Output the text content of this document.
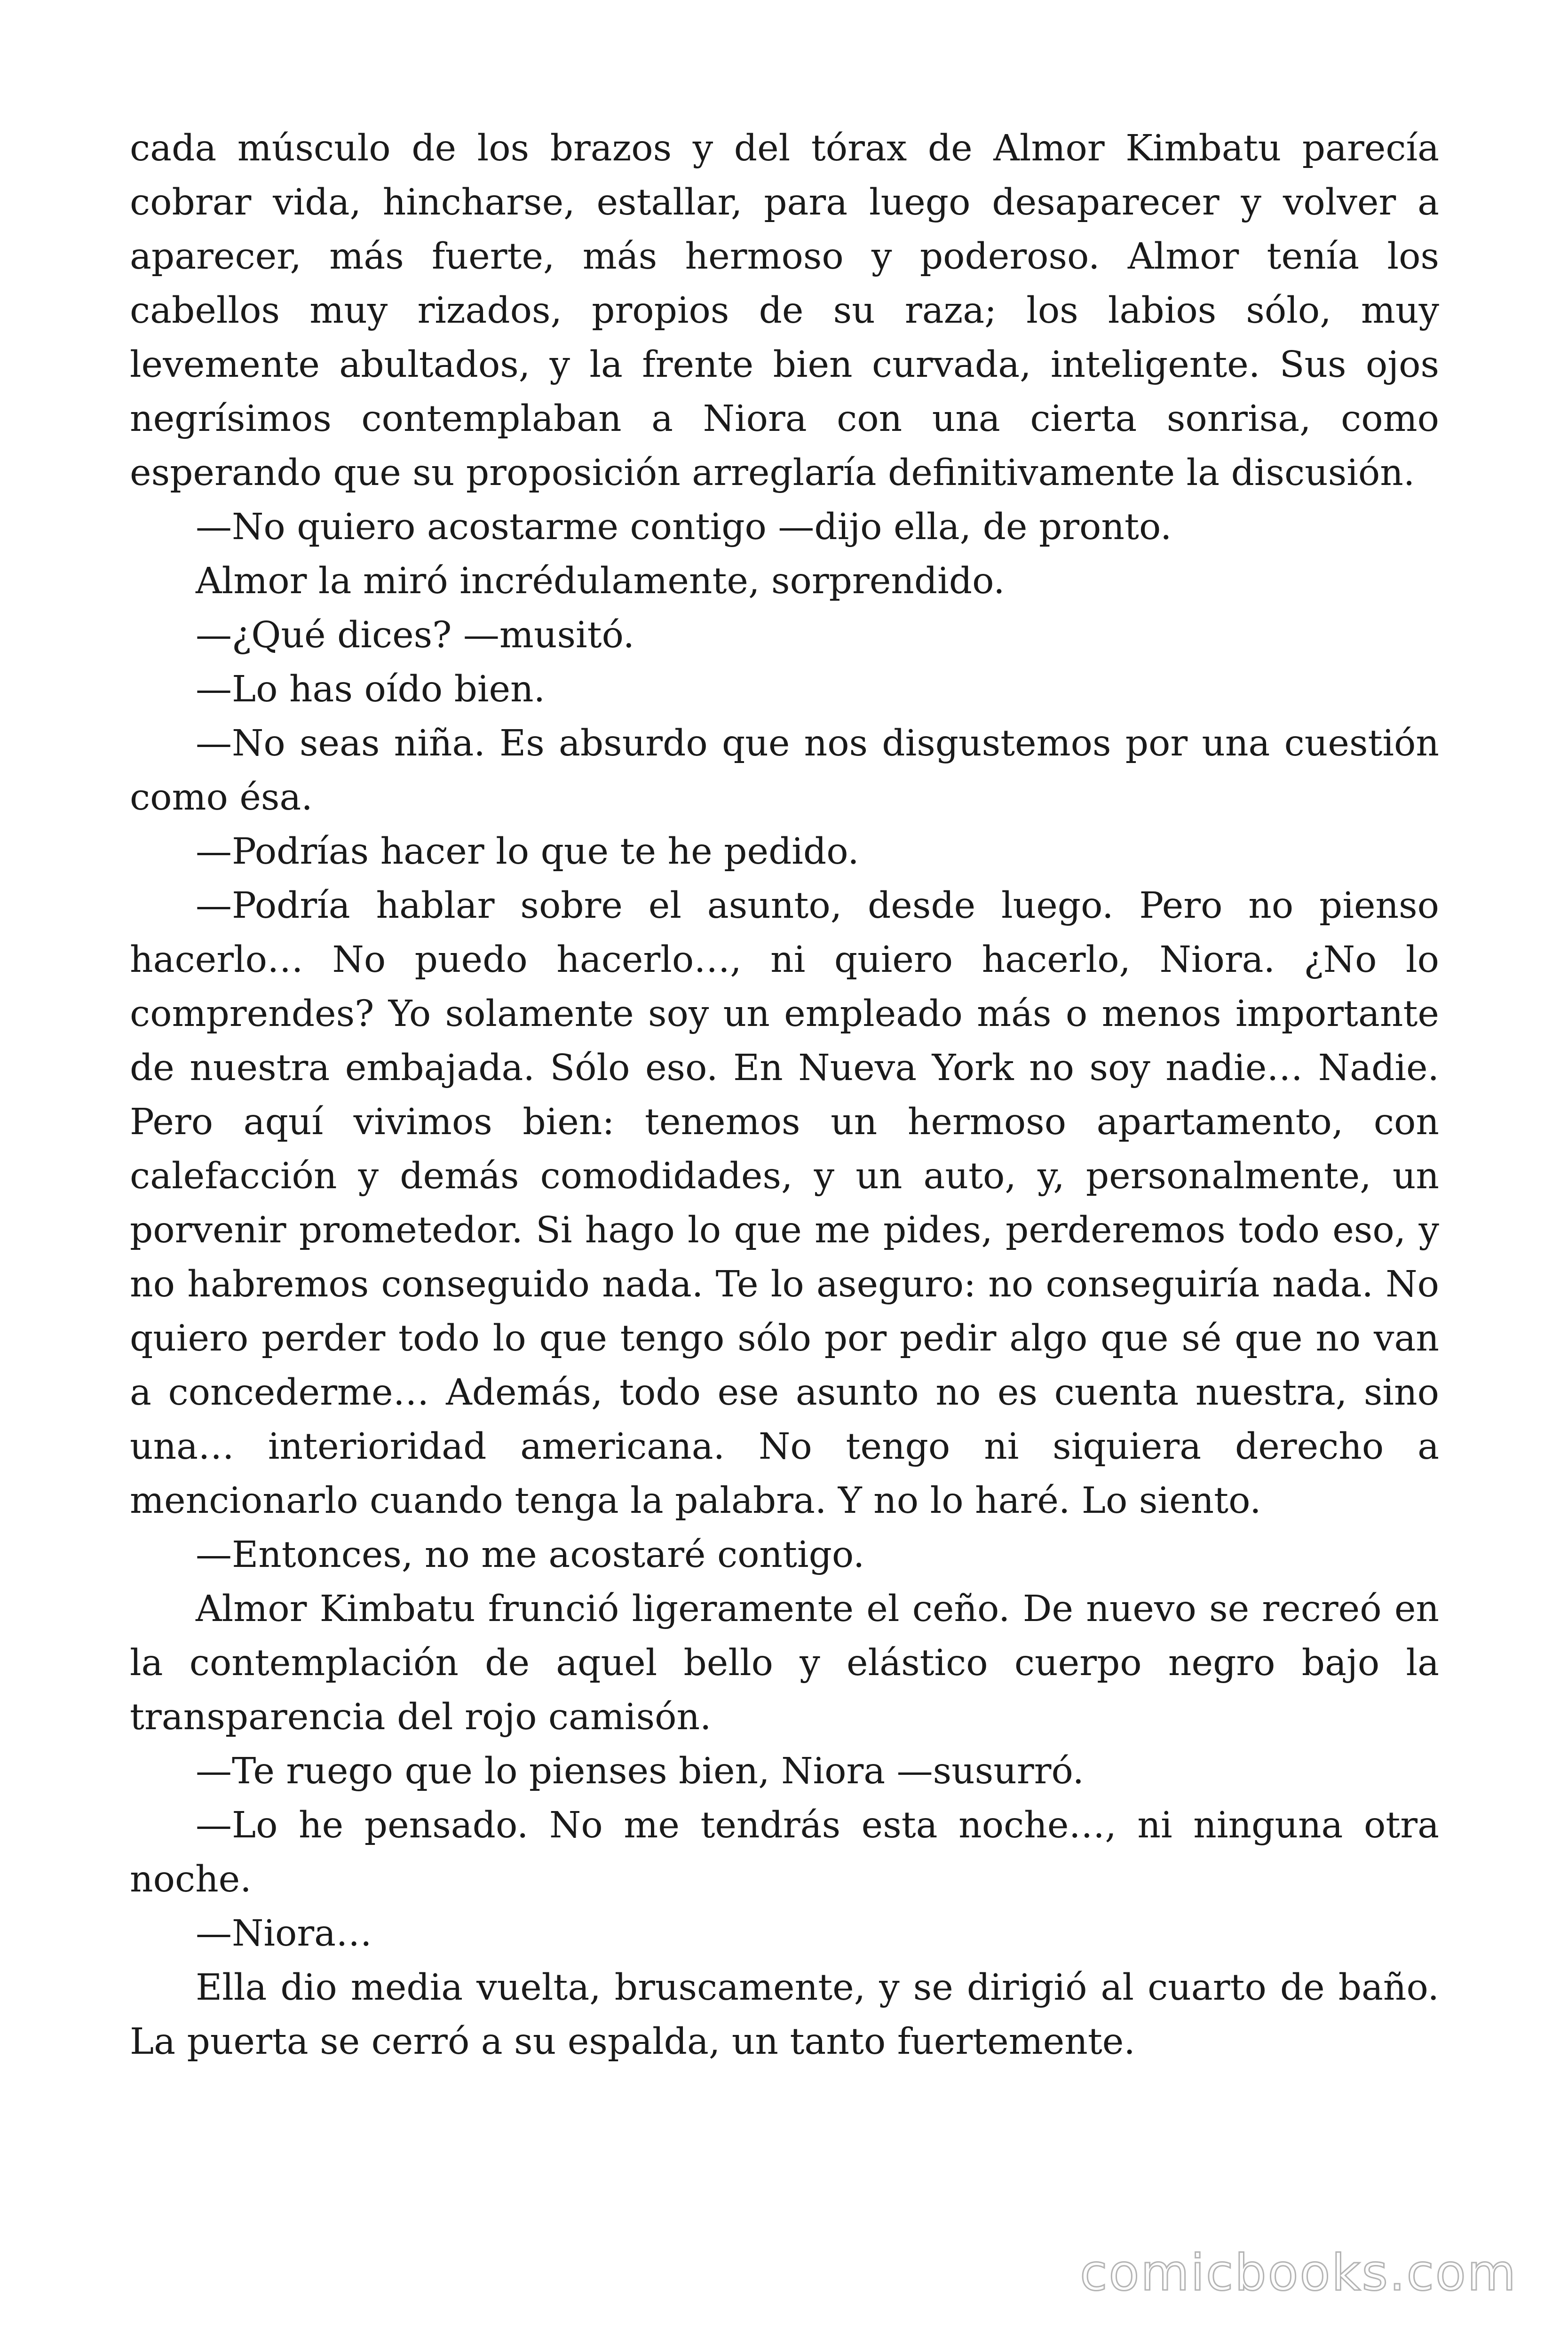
cada músculo de los brazos y del tórax de Almor Kimbatu parecía cobrar vida, hincharse, estallar, para luego desaparecer y volver a aparecer, más fuerte, más hermoso y poderoso. Almor tenía los cabellos muy rizados, propios de su raza; los labios sólo, muy levemente abultados, y la frente bien curvada, inteligente. Sus ojos negrísimos contemplaban a Niora con una cierta sonrisa, como esperando que su proposición arreglaría definitivamente la discusión.

—No quiero acostarme contigo —dijo ella, de pronto.

Almor la miró incrédulamente, sorprendido.

—¿Qué dices? —musitó.

—Lo has oído bien.

—No seas niña. Es absurdo que nos disgustemos por una cuestión como ésa.

—Podrías hacer lo que te he pedido.

—Podría hablar sobre el asunto, desde luego. Pero no pienso hacerlo… No puedo hacerlo…, ni quiero hacerlo, Niora. ¿No lo comprendes? Yo solamente soy un empleado más o menos importante de nuestra embajada. Sólo eso. En Nueva York no soy nadie… Nadie. Pero aquí vivimos bien: tenemos un hermoso apartamento, con calefacción y demás comodidades, y un auto, y, personalmente, un porvenir prometedor. Si hago lo que me pides, perderemos todo eso, y no habremos conseguido nada. Te lo aseguro: no conseguiría nada. No quiero perder todo lo que tengo sólo por pedir algo que sé que no van a concederme… Además, todo ese asunto no es cuenta nuestra, sino una… interioridad americana. No tengo ni siquiera derecho a mencionarlo cuando tenga la palabra. Y no lo haré. Lo siento.

—Entonces, no me acostaré contigo.

Almor Kimbatu frunció ligeramente el ceño. De nuevo se recreó en la contemplación de aquel bello y elástico cuerpo negro bajo la transparencia del rojo camisón.

—Te ruego que lo pienses bien, Niora —susurró.

—Lo he pensado. No me tendrás esta noche…, ni ninguna otra noche.

—Niora…

Ella dio media vuelta, bruscamente, y se dirigió al cuarto de baño. La puerta se cerró a su espalda, un tanto fuertemente.

comicbooks.com
